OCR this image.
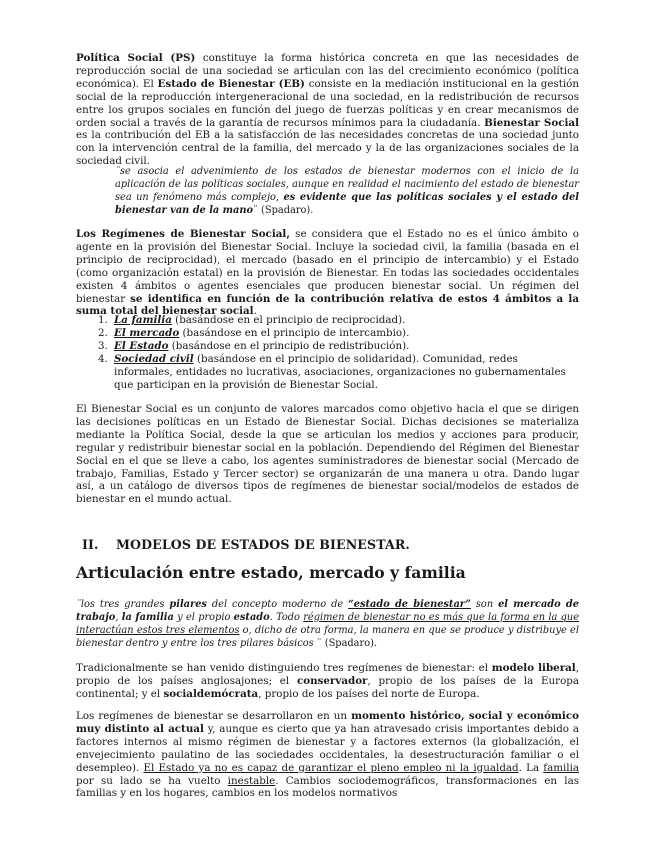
Política Social (PS) constituye la forma histórica concreta en que las necesidades de reproducción social de una sociedad se articulan con las del crecimiento económico (política económica). El Estado de Bienestar (EB) consiste en la mediación institucional en la gestión social de la reproducción intergeneracional de una sociedad, en la redistribución de recursos entre los grupos sociales en función del juego de fuerzas políticas y en crear mecanismos de orden social a través de la garantía de recursos mínimos para la ciudadanía. Bienestar Social es la contribución del EB a la satisfacción de las necesidades concretas de una sociedad junto con la intervención central de la familia, del mercado y la de las organizaciones sociales de la sociedad civil.

¨se asocia el advenimiento de los estados de bienestar modernos con el inicio de la aplicación de las políticas sociales, aunque en realidad el nacimiento del estado de bienestar sea un fenómeno más complejo, es evidente que las políticas sociales y el estado del bienestar van de la mano¨ (Spadaro).

Los Regímenes de Bienestar Social, se considera que el Estado no es el único ámbito o agente en la provisión del Bienestar Social. Incluye la sociedad civil, la familia (basada en el principio de reciprocidad), el mercado (basado en el principio de intercambio) y el Estado (como organización estatal) en la provisión de Bienestar. En todas las sociedades occidentales existen 4 ámbitos o agentes esenciales que producen bienestar social. Un régimen del bienestar se identifica en función de la contribución relativa de estos 4 ámbitos a la suma total del bienestar social.

1. La familia (basándose en el principio de reciprocidad).
2. El mercado (basándose en el principio de intercambio).
3. El Estado (basándose en el principio de redistribución).
4. Sociedad civil (basándose en el principio de solidaridad). Comunidad, redes informales, entidades no lucrativas, asociaciones, organizaciones no gubernamentales que participan en la provisión de Bienestar Social.

El Bienestar Social es un conjunto de valores marcados como objetivo hacia el que se dirigen las decisiones políticas en un Estado de Bienestar Social. Dichas decisiones se materializa mediante la Política Social, desde la que se articulan los medios y acciones para producir, regular y redistribuir bienestar social en la población. Dependiendo del Régimen del Bienestar Social en el que se lleve a cabo, los agentes suministradores de bienestar social (Mercado de trabajo, Familias, Estado y Tercer sector) se organizarán de una manera u otra. Dando lugar así, a un catálogo de diversos tipos de regímenes de bienestar social/modelos de estados de bienestar en el mundo actual.

II. MODELOS DE ESTADOS DE BIENESTAR.
Articulación entre estado, mercado y familia

¨los tres grandes pilares del concepto moderno de “estado de bienestar” son el mercado de trabajo, la familia y el propio estado. Todo régimen de bienestar no es más que la forma en la que interactúan estos tres elementos o, dicho de otra forma, la manera en que se produce y distribuye el bienestar dentro y entre los tres pilares básicos ¨ (Spadaro).

Tradicionalmente se han venido distinguiendo tres regímenes de bienestar: el modelo liberal, propio de los países anglosajones; el conservador, propio de los países de la Europa continental; y el socialdemócrata, propio de los países del norte de Europa.

Los regímenes de bienestar se desarrollaron en un momento histórico, social y económico muy distinto al actual y, aunque es cierto que ya han atravesado crisis importantes debido a factores internos al mismo régimen de bienestar y a factores externos (la globalización, el envejecimiento paulatino de las sociedades occidentales, la desestructuración familiar o el desempleo). El Estado ya no es capaz de garantizar el pleno empleo ni la igualdad. La familia por su lado se ha vuelto inestable. Cambios sociodemográficos, transformaciones en las familias y en los hogares, cambios en los modelos normativos
